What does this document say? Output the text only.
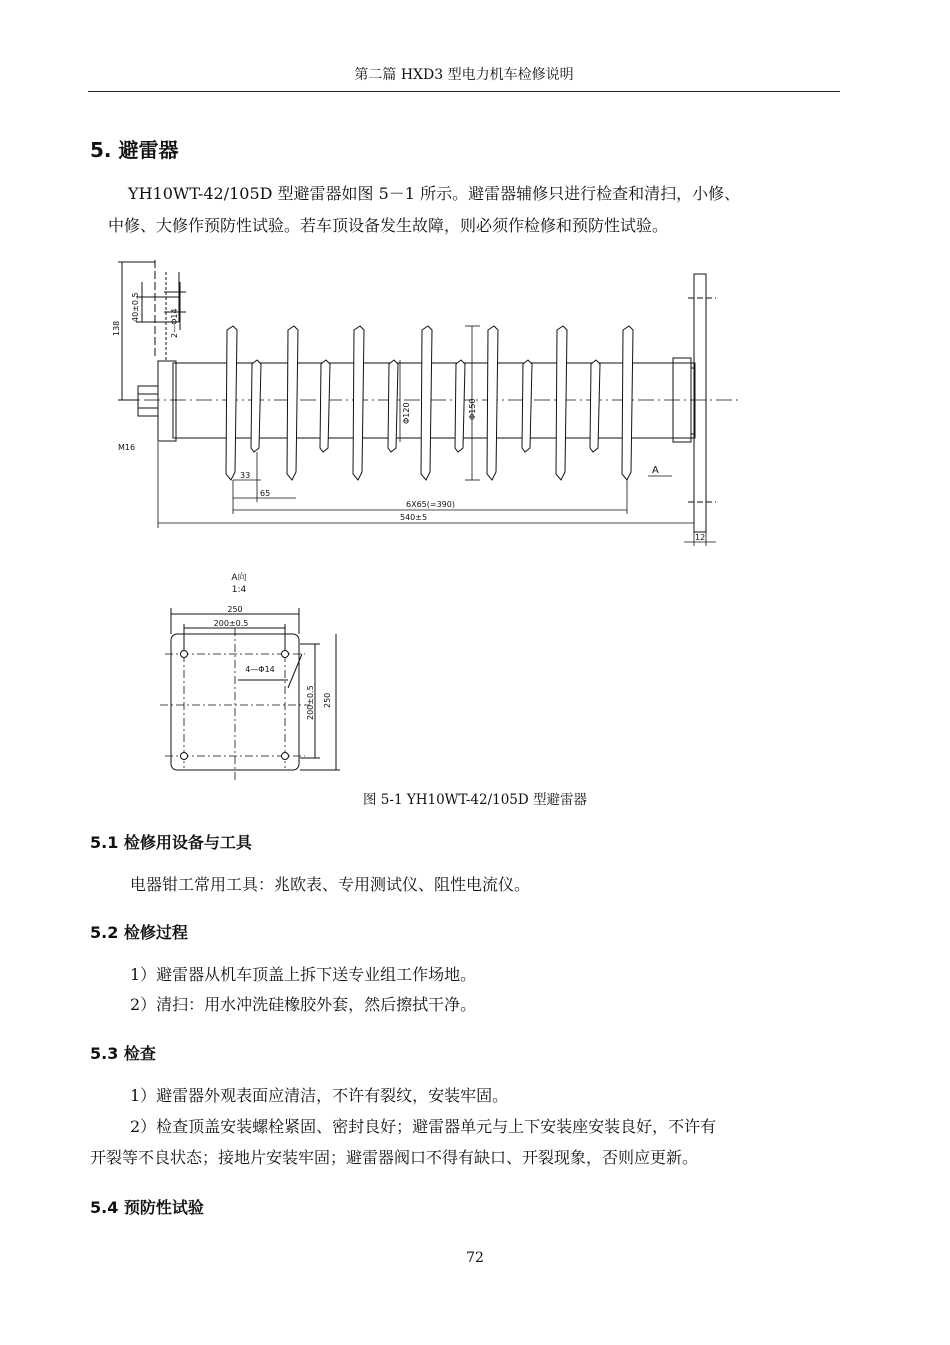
第二篇 HXD3 型电力机车检修说明
5. 避雷器
YH10WT-42/105D 型避雷器如图 5－1 所示。避雷器辅修只进行检查和清扫，小修、
中修、大修作预防性试验。若车顶设备发生故障，则必须作检修和预防性试验。
138
40±0.5
2—Φ14
M16
33
65
Φ120	Φ150
6X65(=390)
540±5
12
A
A向
1:4
250
200±0.5
4—Φ14
200±0.5 250
图 5-1 YH10WT-42/105D 型避雷器
5.1 检修用设备与工具
电器钳工常用工具：兆欧表、专用测试仪、阻性电流仪。
5.2 检修过程
1）避雷器从机车顶盖上拆下送专业组工作场地。
2）清扫：用水冲洗硅橡胶外套，然后擦拭干净。
5.3 检查
1）避雷器外观表面应清洁，不许有裂纹，安装牢固。
2）检查顶盖安装螺栓紧固、密封良好；避雷器单元与上下安装座安装良好，不许有
开裂等不良状态；接地片安装牢固；避雷器阀口不得有缺口、开裂现象，否则应更新。
5.4 预防性试验
72
